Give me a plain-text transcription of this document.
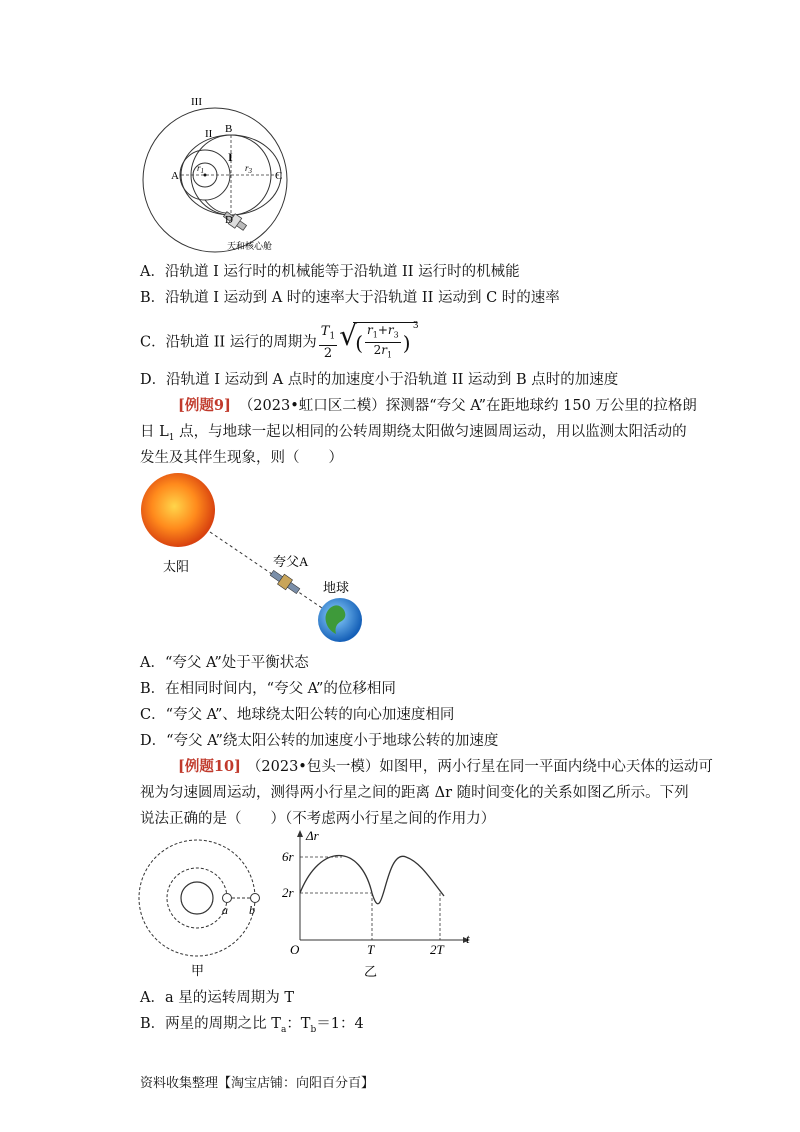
III
II B
I
A	C
D
$r_1$	$r_3$
天和核心舱
A．沿轨道 I 运行时的机械能等于沿轨道 II 运行时的机械能
B．沿轨道 I 运动到 A 时的速率大于沿轨道 II 运动到 C 时的速率
C．沿轨道 II 运行的周期为 $\frac{T_1}{2}$ √
( $\frac{r_1+r_3}{2r_1}$ )
3
D．沿轨道 I 运动到 A 点时的加速度小于沿轨道 II 运动到 B 点时的加速度
[例题9] （2023•虹口区二模）探测器“夸父 A”在距地球约 150 万公里的拉格朗
日 $L_1$ 点，与地球一起以相同的公转周期绕太阳做匀速圆周运动，用以监测太阳活动的
发生及其伴生现象，则（　　）
太阳	夸父A
地球
A．“夸父 A”处于平衡状态
B．在相同时间内，“夸父 A”的位移相同
C．“夸父 A”、地球绕太阳公转的向心加速度相同
D．“夸父 A”绕太阳公转的加速度小于地球公转的加速度
[例题10] （2023•包头一模）如图甲，两小行星在同一平面内绕中心天体的运动可
视为匀速圆周运动，测得两小行星之间的距离 Δr 随时间变化的关系如图乙所示。下列
说法正确的是（　　）（不考虑两小行星之间的作用力）
a b
甲
Δr
6r
2r
O	T	2T
t
乙
A．a 星的运转周期为 T
B．两星的周期之比 $T_a$：$T_b=1$：4
资料收集整理【淘宝店铺：向阳百分百】
